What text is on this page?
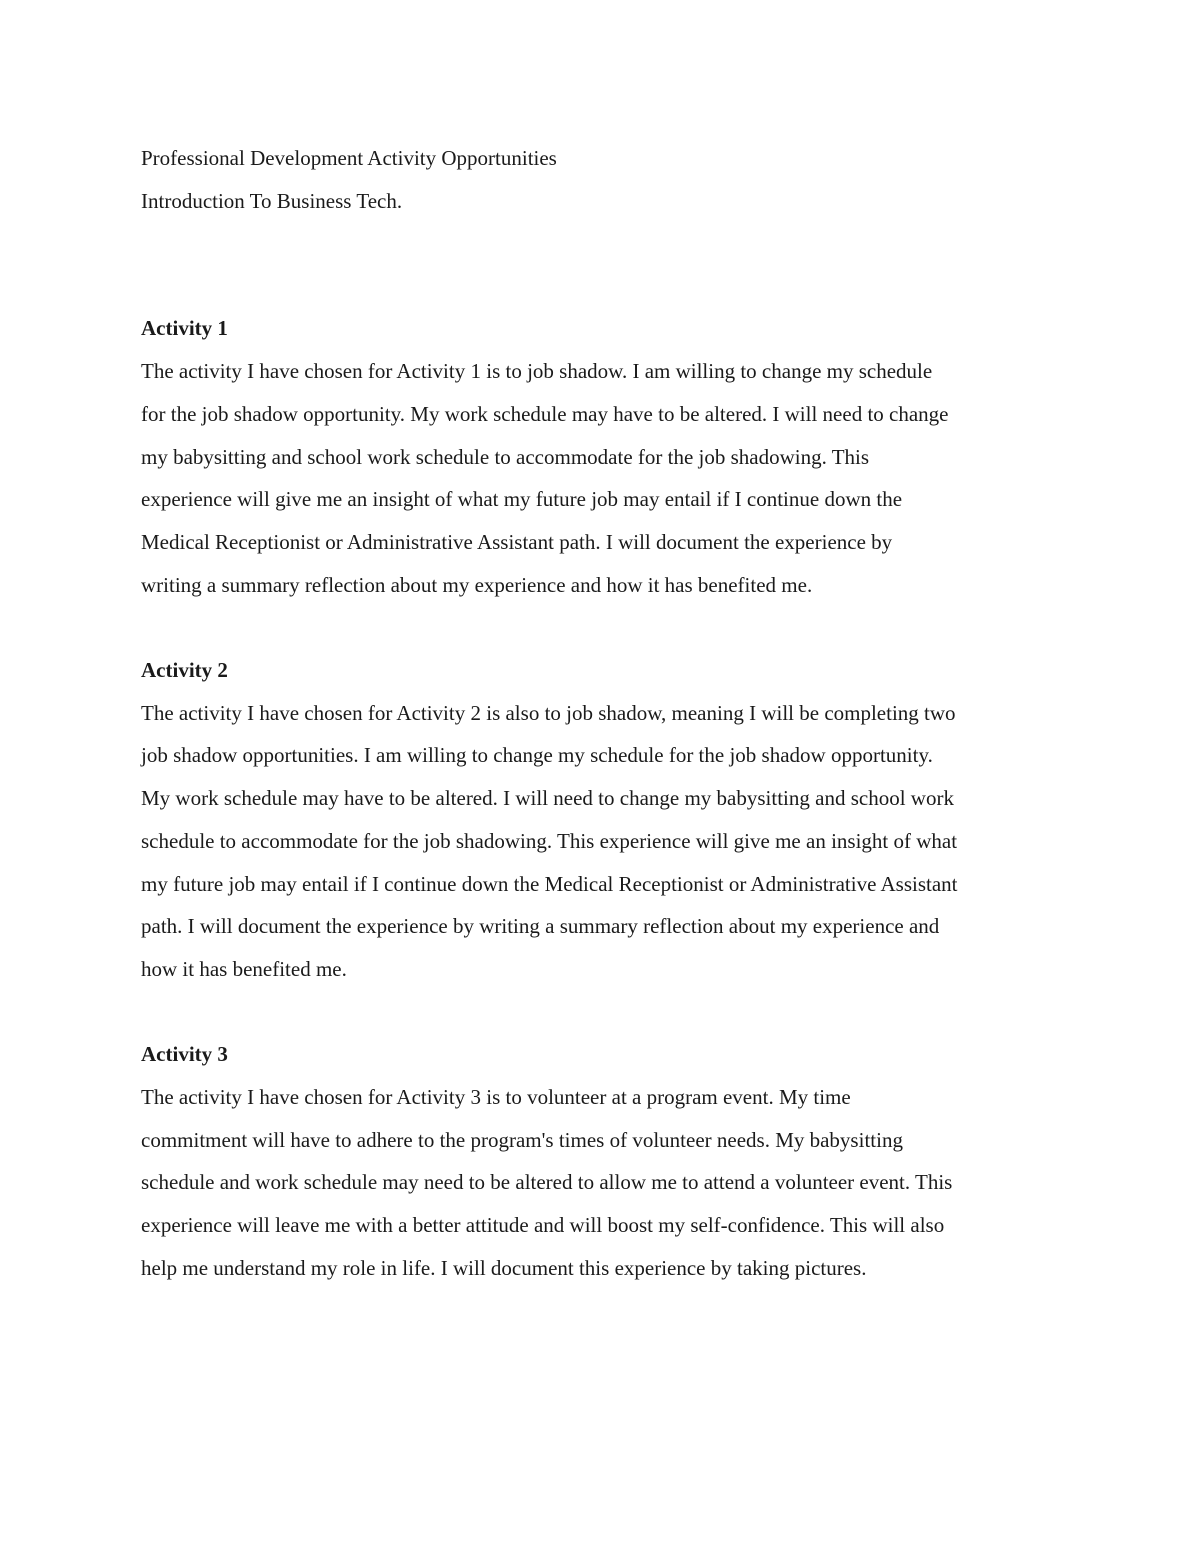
Professional Development Activity Opportunities
Introduction To Business Tech.
Activity 1
The activity I have chosen for Activity 1 is to job shadow. I am willing to change my schedule
for the job shadow opportunity. My work schedule may have to be altered. I will need to change
my babysitting and school work schedule to accommodate for the job shadowing. This
experience will give me an insight of what my future job may entail if I continue down the
Medical Receptionist or Administrative Assistant path. I will document the experience by
writing a summary reflection about my experience and how it has benefited me.
Activity 2
The activity I have chosen for Activity 2 is also to job shadow, meaning I will be completing two
job shadow opportunities. I am willing to change my schedule for the job shadow opportunity.
My work schedule may have to be altered. I will need to change my babysitting and school work
schedule to accommodate for the job shadowing. This experience will give me an insight of what
my future job may entail if I continue down the Medical Receptionist or Administrative Assistant
path. I will document the experience by writing a summary reflection about my experience and
how it has benefited me.
Activity 3
The activity I have chosen for Activity 3 is to volunteer at a program event. My time
commitment will have to adhere to the program's times of volunteer needs. My babysitting
schedule and work schedule may need to be altered to allow me to attend a volunteer event. This
experience will leave me with a better attitude and will boost my self-confidence. This will also
help me understand my role in life. I will document this experience by taking pictures.
